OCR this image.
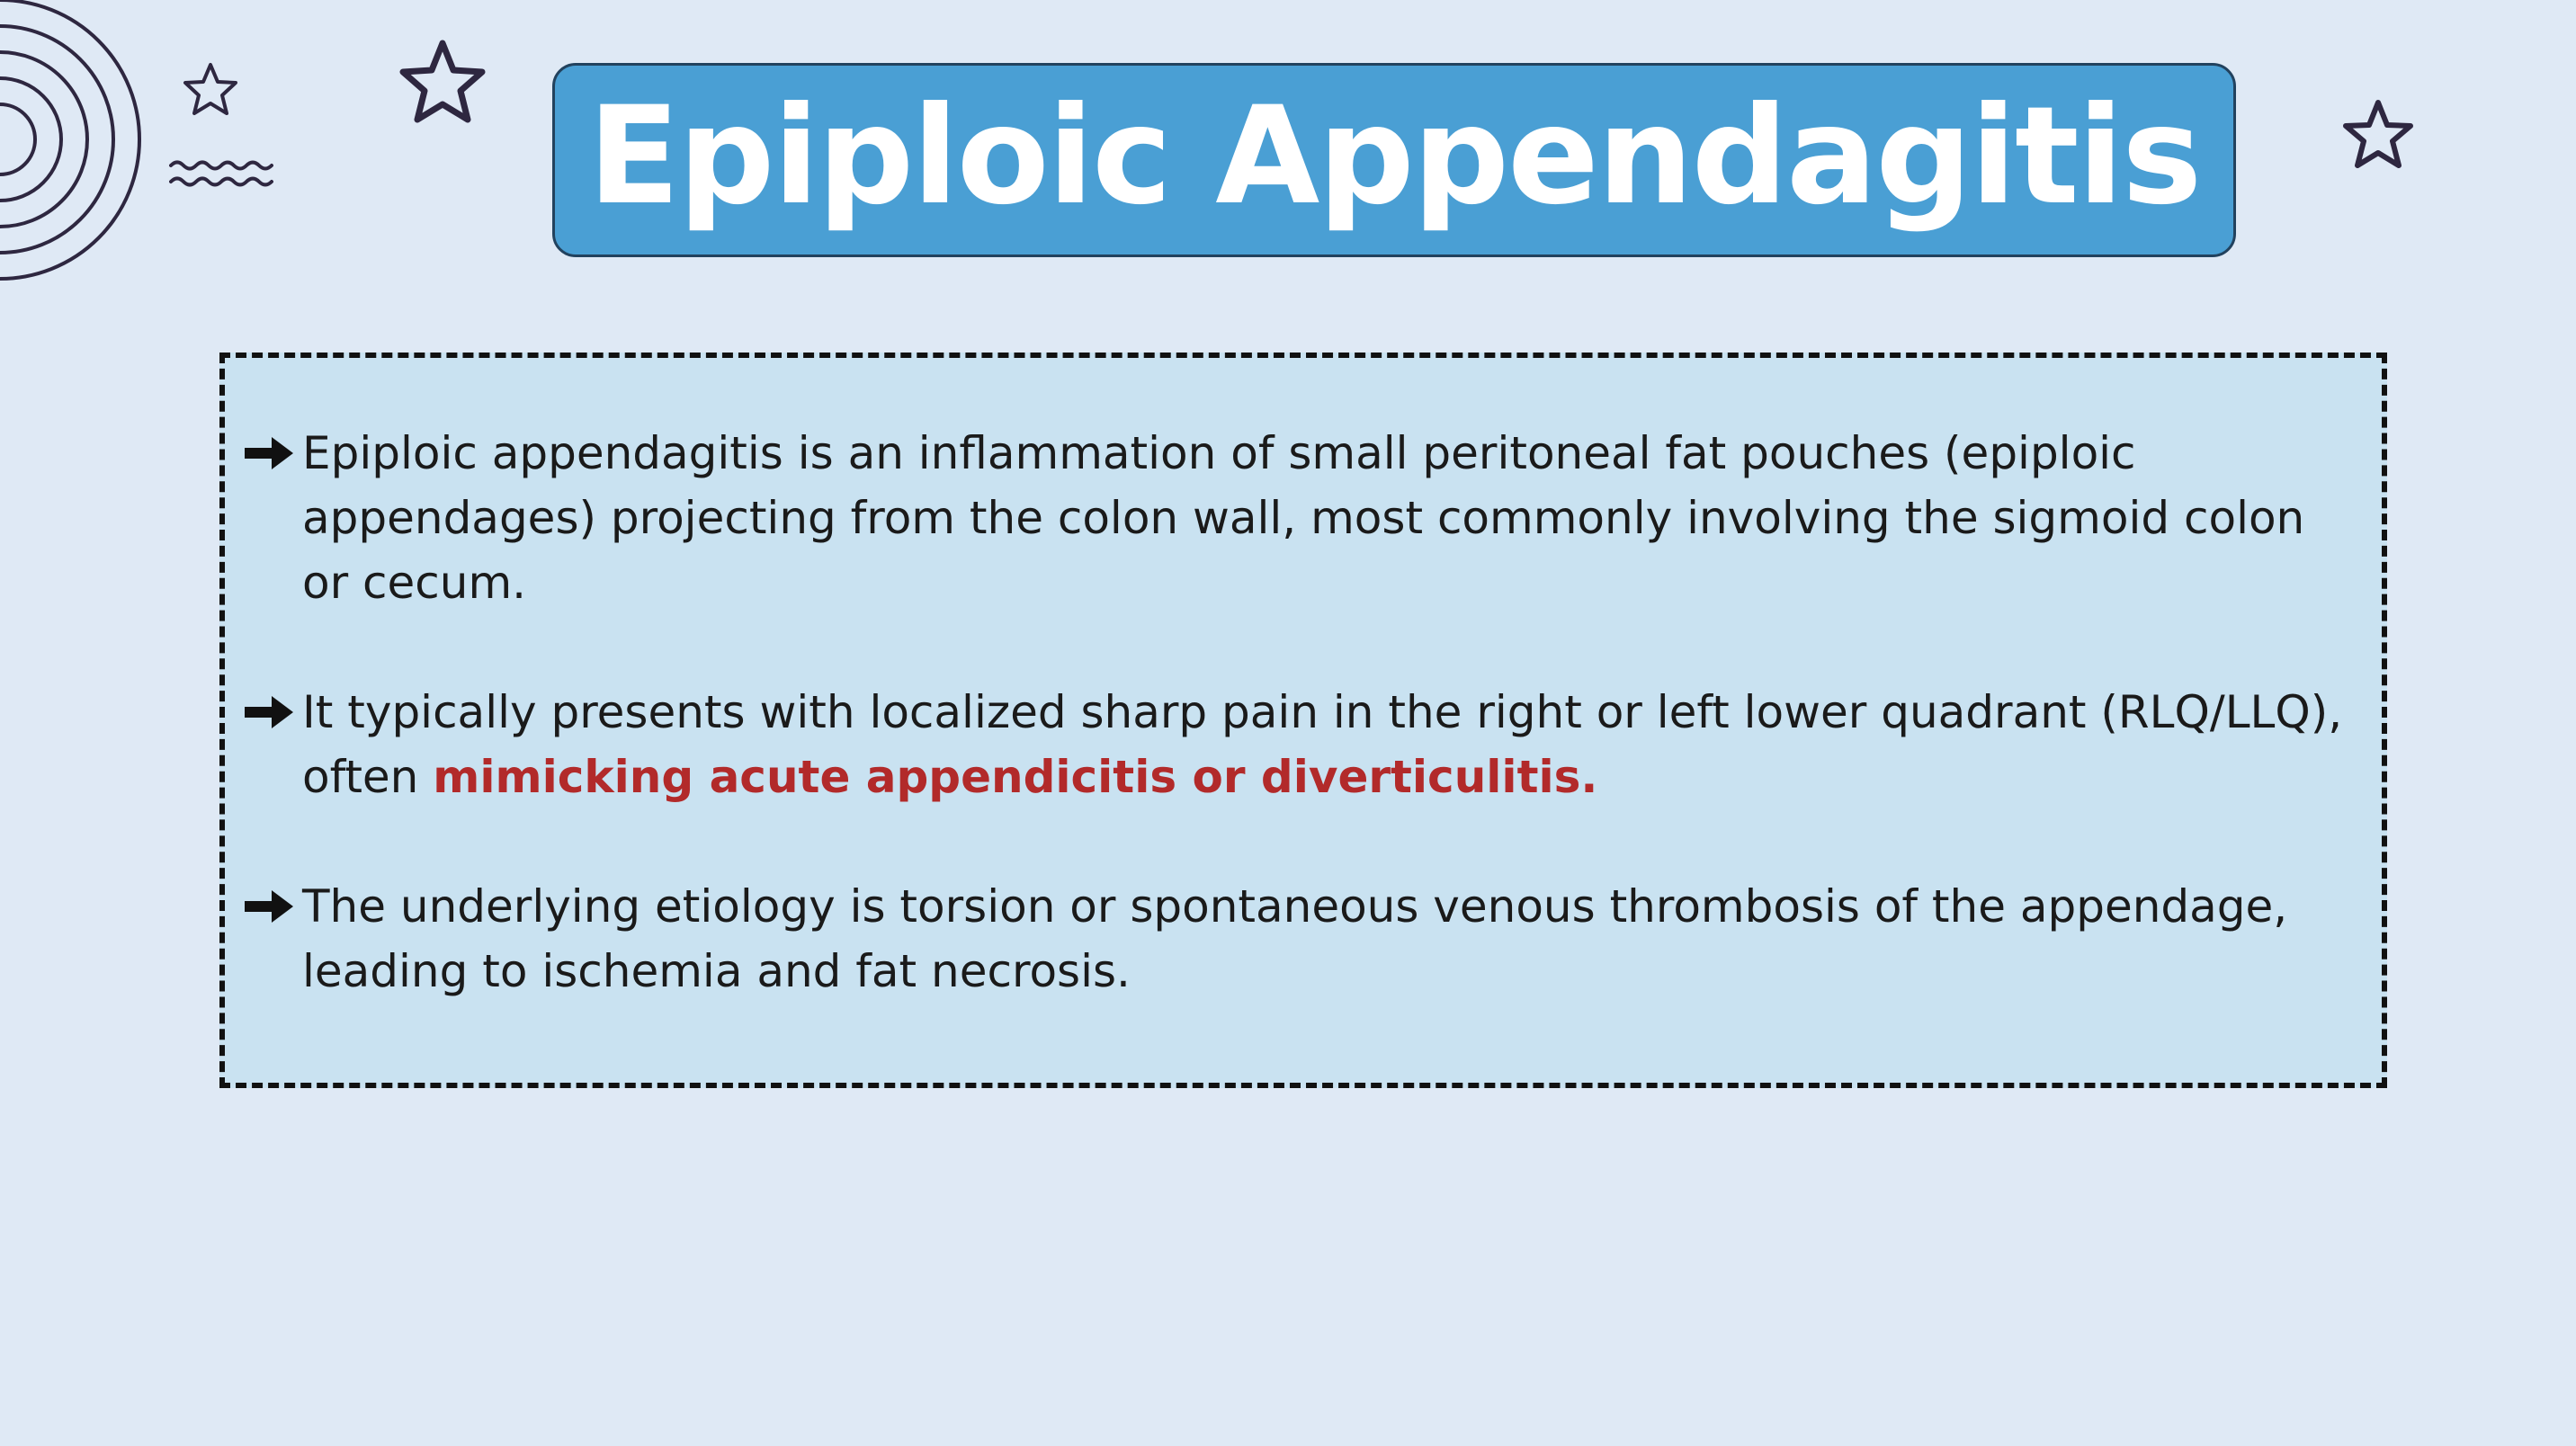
Epiploic Appendagitis
Epiploic appendagitis is an inflammation of small peritoneal fat pouches (epiploic appendages) projecting from the colon wall, most commonly involving the sigmoid colon or cecum.
It typically presents with localized sharp pain in the right or left lower quadrant (RLQ/LLQ), often mimicking acute appendicitis or diverticulitis.
The underlying etiology is torsion or spontaneous venous thrombosis of the appendage, leading to ischemia and fat necrosis.
